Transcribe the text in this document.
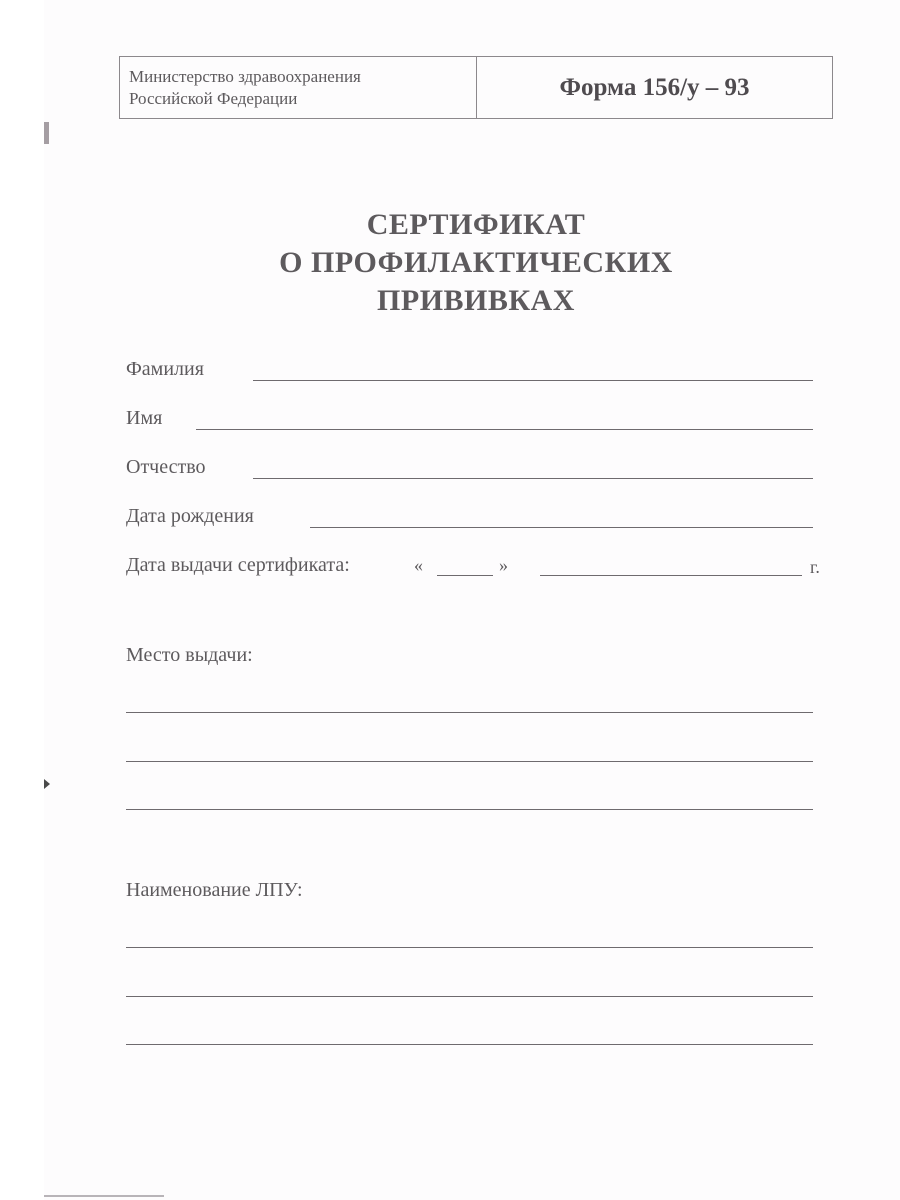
Министерство здравоохранения
Российской Федерации	Форма 156/у – 93
СЕРТИФИКАТ
О ПРОФИЛАКТИЧЕСКИХ
ПРИВИВКАХ
Фамилия
Имя
Отчество
Дата рождения
Дата выдачи сертификата:	«	»	г.
Место выдачи:
Наименование ЛПУ:
